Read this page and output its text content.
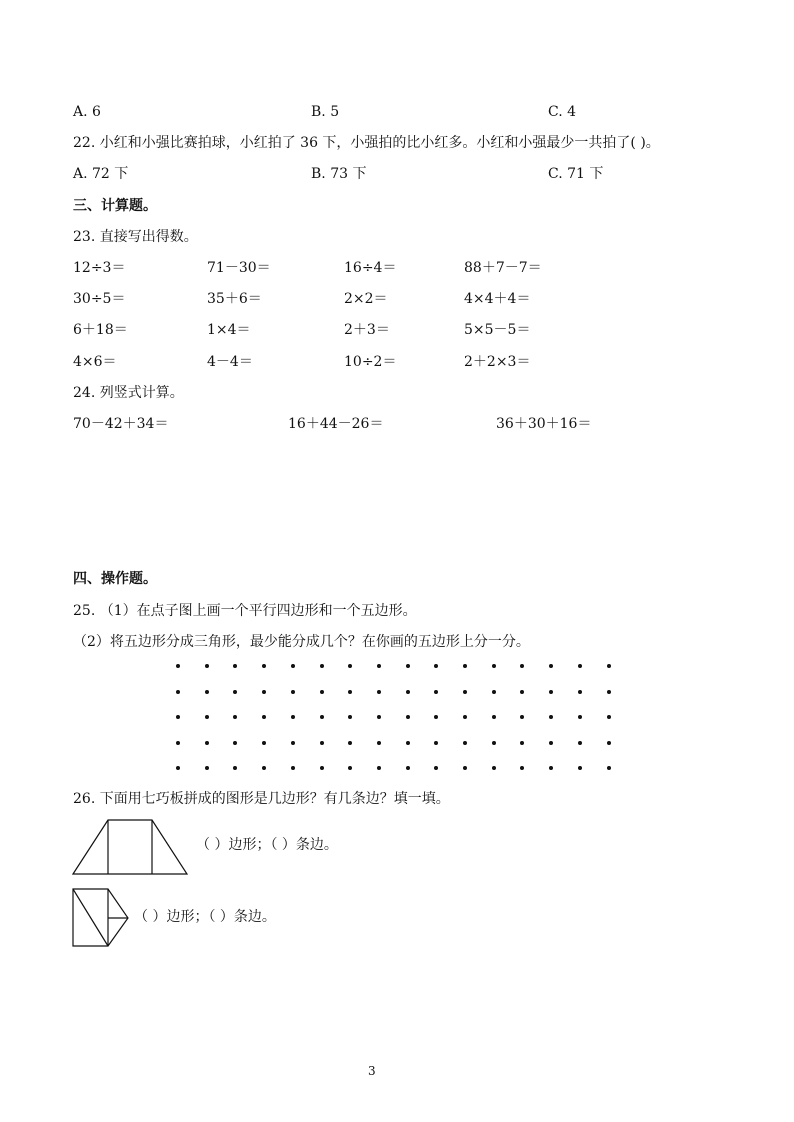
A. 6	B. 5	C. 4
22. 小红和小强比赛拍球，小红拍了 36 下，小强拍的比小红多。小红和小强最少一共拍了( )。
A. 72 下	B. 73 下	C. 71 下
三、计算题。
23. 直接写出得数。
12÷3＝	71－30＝	16÷4＝	88＋7－7＝
30÷5＝	35＋6＝	2×2＝	4×4＋4＝
6＋18＝	1×4＝	2＋3＝	5×5－5＝
4×6＝	4－4＝	10÷2＝	2＋2×3＝
24. 列竖式计算。
70－42＋34＝	16＋44－26＝	36＋30＋16＝
四、操作题。
25. （1）在点子图上画一个平行四边形和一个五边形。
（2）将五边形分成三角形，最少能分成几个？在你画的五边形上分一分。
26. 下面用七巧板拼成的图形是几边形？有几条边？填一填。
（ ）边形；（ ）条边。
（ ）边形；（ ）条边。
3
